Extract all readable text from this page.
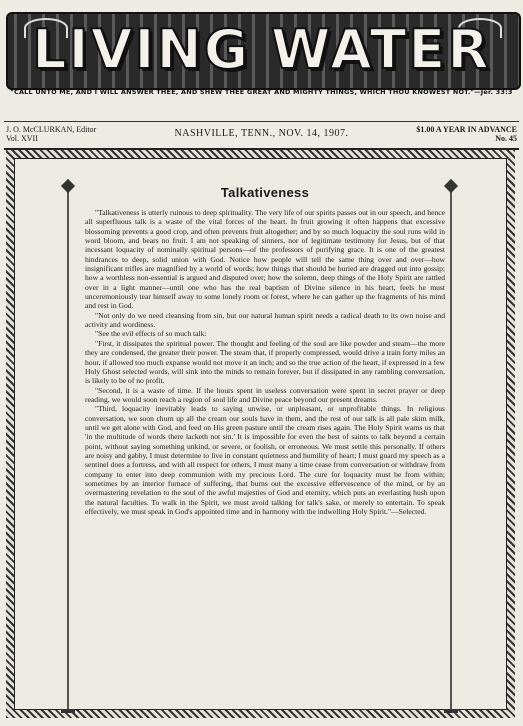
LIVING WATER
"CALL UNTO ME, AND I WILL ANSWER THEE, AND SHEW THEE GREAT AND MIGHTY THINGS, WHICH THOU KNOWEST NOT."—Jer. 33:3
J. O. McCLURKAN, Editor
Vol. XVII	NASHVILLE, TENN., NOV. 14, 1907.	$1.00 A YEAR IN ADVANCE
No. 45
Talkativeness

"Talkativeness is utterly ruinous to deep spirituality. The very life of our spirits passes out in our speech, and hence all superfluous talk is a waste of the vital forces of the heart. In fruit growing it often happens that excessive blossoming prevents a good crop, and often prevents fruit altogether; and by so much loquacity the soul runs wild in word bloom, and bears no fruit. I am not speaking of sinners, nor of legitimate testimony for Jesus, but of that incessant loquacity of nominally spiritual persons—of the professors of purifying grace. It is one of the greatest hindrances to deep, solid union with God. Notice how people will tell the same thing over and over—how insignificant trifles are magnified by a world of words; how things that should be buried are dragged out into gossip; how a worthless non-essential is argued and disputed over; how the solemn, deep things of the Holy Spirit are rattled over in a light manner—until one who has the real baptism of Divine silence in his heart, feels he must unceremoniously tear himself away to some lonely room or forest, where he can gather up the fragments of his mind and rest in God.

"Not only do we need cleansing from sin, but our natural human spirit needs a radical death to its own noise and activity and wordiness.

"See the evil effects of so much talk:

"First, it dissipates the spiritual power. The thought and feeling of the soul are like powder and steam—the more they are condensed, the greater their power. The steam that, if properly compressed, would drive a train forty miles an hour, if allowed too much expanse would not move it an inch; and so the true action of the heart, if expressed in a few Holy Ghost selected words, will sink into the minds to remain forever, but if dissipated in any rambling conversation, is likely to be of no profit.

"Second, it is a waste of time. If the hours spent in useless conversation were spent in secret prayer or deep reading, we would soon reach a region of soul life and Divine peace beyond our present dreams.

"Third, loquacity inevitably leads to saying unwise, or unpleasant, or unprofitable things. In religious conversation, we soon churn up all the cream our souls have in them, and the rest of our talk is all pale skim milk, until we get alone with God, and feed on His green pasture until the cream rises again. The Holy Spirit warns us that 'in the multitude of words there lacketh not sin.' It is impossible for even the best of saints to talk beyond a certain point, without saying something unkind, or severe, or foolish, or erroneous. We must settle this personally. If others are noisy and gabby, I must determine to live in constant quietness and humility of heart; I must guard my speech as a sentinel does a fortress, and with all respect for others, I must many a time cease from conversation or withdraw from company to enter into deep communion with my precious Lord. The cure for loquacity must be from within; sometimes by an interior furnace of suffering, that burns out the excessive effervescence of the mind, or by an overmastering revelation to the soul of the awful majesties of God and eternity, which puts an everlasting hush upon the natural faculties. To walk in the Spirit, we must avoid talking for talk's sake, or merely to entertain. To speak effectively, we must speak in God's appointed time and in harmony with the indwelling Holy Spirit."—Selected.
